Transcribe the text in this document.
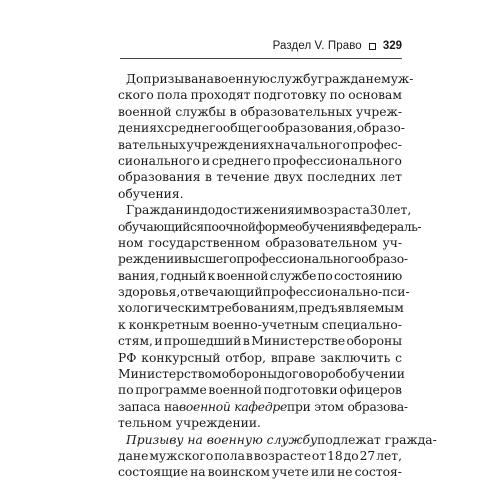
Раздел V. Право 329
До призыва на военную службу граждане муж-
ского пола проходят подготовку по основам
военной службы в образовательных учреж-
дениях среднего общего образования, образо-
вательных учреждениях начального профес-
сионального и среднего профессионального
образования в течение двух последних лет
обучения.
Гражданин до достижения им возраста 30 лет,
обучающийся по очной форме обучения в федераль-
ном государственном образовательном уч-
реждении высшего профессионального образо-
вания, годный к военной службе по состоянию
здоровья, отвечающий профессионально-пси-
хологическим требованиям, предъявляемым
к конкретным военно-учетным специально-
стям, и прошедший в Министерстве обороны
РФ конкурсный отбор, вправе заключить с
Министерством обороны договор об обучении
по программе военной подготовки офицеров
запаса на военной кафедре при этом образова-
тельном учреждении.
Призыву на военную службу подлежат гражда-
дане мужского пола в возрасте от 18 до 27 лет,
состоящие на воинском учете или не состоя-
